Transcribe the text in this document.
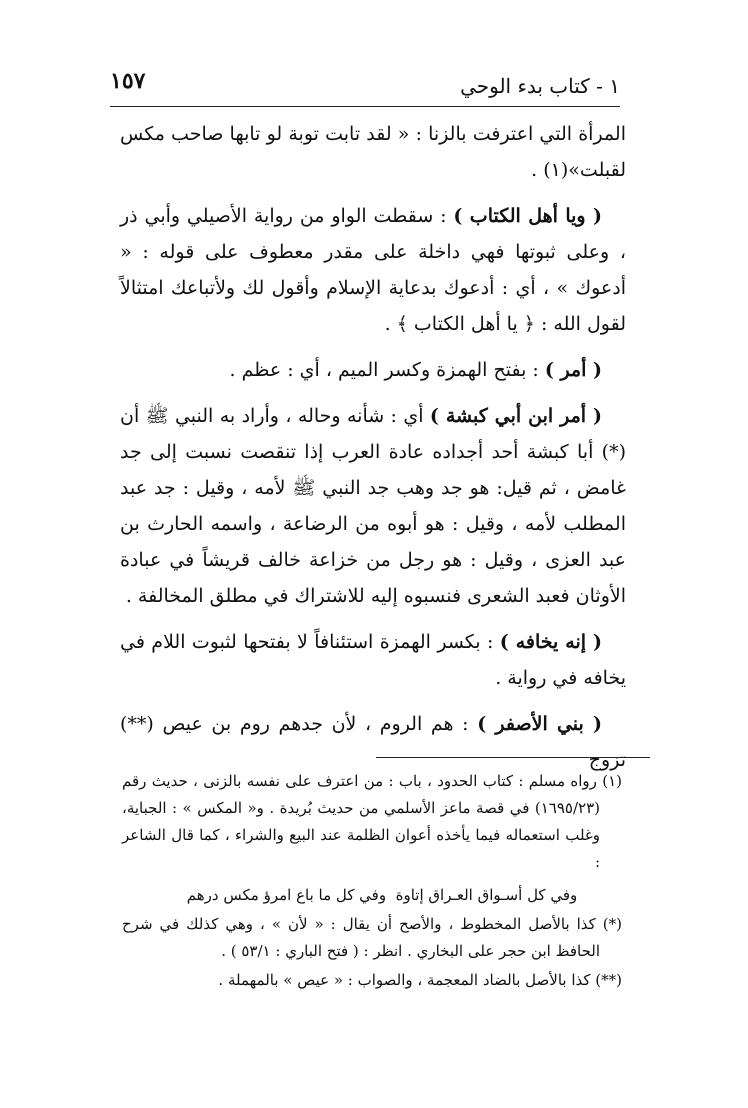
١ - كتاب بدء الوحي
١٥٧

المرأة التي اعترفت بالزنا : « لقد تابت توبة لو تابها صاحب مكس لقبلت»(١) .

( ويا أهل الكتاب ) : سقطت الواو من رواية الأصيلي وأبي ذر ، وعلى ثبوتها فهي داخلة على مقدر معطوف على قوله : « أدعوك » ، أي : أدعوك بدعاية الإسلام وأقول لك ولأتباعك امتثالاً لقول الله : ﴿ يا أهل الكتاب ﴾ .

( أمر ) : بفتح الهمزة وكسر الميم ، أي : عظم .

( أمر ابن أبي كبشة ) أي : شأنه وحاله ، وأراد به النبي ﷺ أن (*) أبا كبشة أحد أجداده عادة العرب إذا تنقصت نسبت إلى جد غامض ، ثم قيل: هو جد وهب جد النبي ﷺ لأمه ، وقيل : جد عبد المطلب لأمه ، وقيل : هو أبوه من الرضاعة ، واسمه الحارث بن عبد العزى ، وقيل : هو رجل من خزاعة خالف قريشاً في عبادة الأوثان فعبد الشعرى فنسبوه إليه للاشتراك في مطلق المخالفة .

( إنه يخافه ) : بكسر الهمزة استئنافاً لا بفتحها لثبوت اللام في يخافه في رواية .

( بني الأصفر ) : هم الروم ، لأن جدهم روم بن عيص (**) تزوج

(١) رواه مسلم : كتاب الحدود ، باب : من اعترف على نفسه بالزنى ، حديث رقم (١٦٩٥/٢٣) في قصة ماعز الأسلمي من حديث بُريدة . و« المكس » : الجباية، وغلب استعماله فيما يأخذه أعوان الظلمة عند البيع والشراء ، كما قال الشاعر :

وفي كل أسـواق العـراق إتاوة
وفي كل ما باع امرؤ مكس درهم

(*) كذا بالأصل المخطوط ، والأصح أن يقال : « لأن » ، وهي كذلك في شرح الحافظ ابن حجر على البخاري . انظر : ( فتح الباري : ٥٣/١ ) .

(**) كذا بالأصل بالضاد المعجمة ، والصواب : « عيص » بالمهملة .
